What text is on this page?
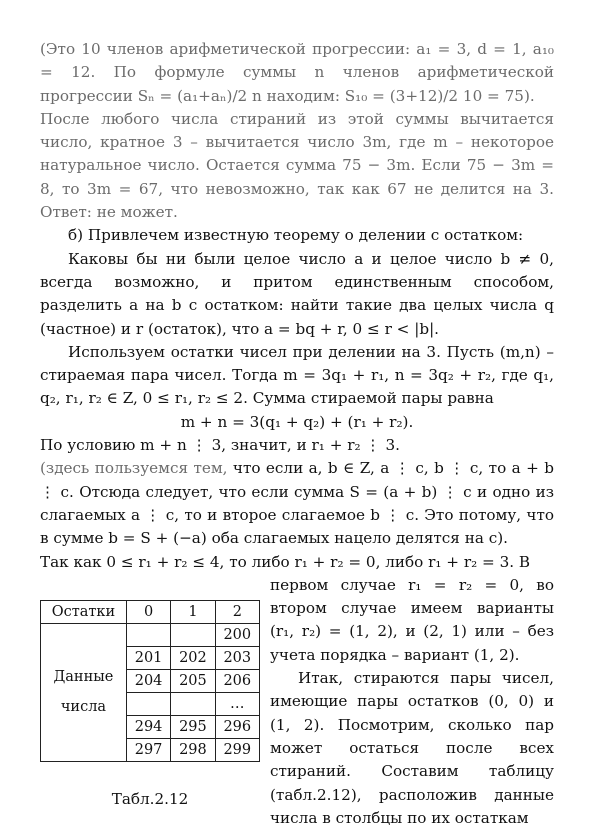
(Это 10 членов арифметической прогрессии: a₁ = 3, d = 1, a₁₀ = 12. По формуле суммы n членов арифметической прогрессии Sₙ = (a₁+aₙ)/2 n находим: S₁₀ = (3+12)/2 10 = 75).

После любого числа стираний из этой суммы вычитается число, кратное 3 – вычитается число 3m, где m – некоторое натуральное число. Остается сумма 75 − 3m. Если 75 − 3m = 8, то 3m = 67, что невозможно, так как 67 не делится на 3. Ответ: не может.

б) Привлечем известную теорему о делении с остатком:

Каковы бы ни были целое число a и целое число b ≠ 0, всегда возможно, и притом единственным способом, разделить a на b с остатком: найти такие два целых числа q (частное) и r (остаток), что a = bq + r, 0 ≤ r < |b|.

Используем остатки чисел при делении на 3. Пусть (m,n) – стираемая пара чисел. Тогда m = 3q₁ + r₁, n = 3q₂ + r₂, где q₁, q₂, r₁, r₂ ∈ Z, 0 ≤ r₁, r₂ ≤ 2. Сумма стираемой пары равна

m + n = 3(q₁ + q₂) + (r₁ + r₂).

По условию m + n ⋮ 3, значит, и r₁ + r₂ ⋮ 3.

(здесь пользуемся тем, что если a, b ∈ Z, a ⋮ c, b ⋮ c, то a + b ⋮ c. Отсюда следует, что если сумма S = (a + b) ⋮ c и одно из слагаемых a ⋮ c, то и второе слагаемое b ⋮ c. Это потому, что в сумме b = S + (−a) оба слагаемых нацело делятся на c).

Так как 0 ≤ r₁ + r₂ ≤ 4, то либо r₁ + r₂ = 0, либо r₁ + r₂ = 3. В

Остатки	0	1	2

Данные
числа			200
	201	202	203
	204	205	206
			…
	294	295	296
	297	298	299
Табл.2.12

первом случае r₁ = r₂ = 0, во втором случае имеем варианты (r₁, r₂) = (1, 2), и (2, 1) или – без учета порядка – вариант (1, 2).

Итак, стираются пары чисел, имеющие пары остатков (0, 0) и (1, 2). Посмотрим, сколько пар может остаться после всех стираний. Составим таблицу (табл.2.12), расположив данные числа в столбцы по их остаткам
